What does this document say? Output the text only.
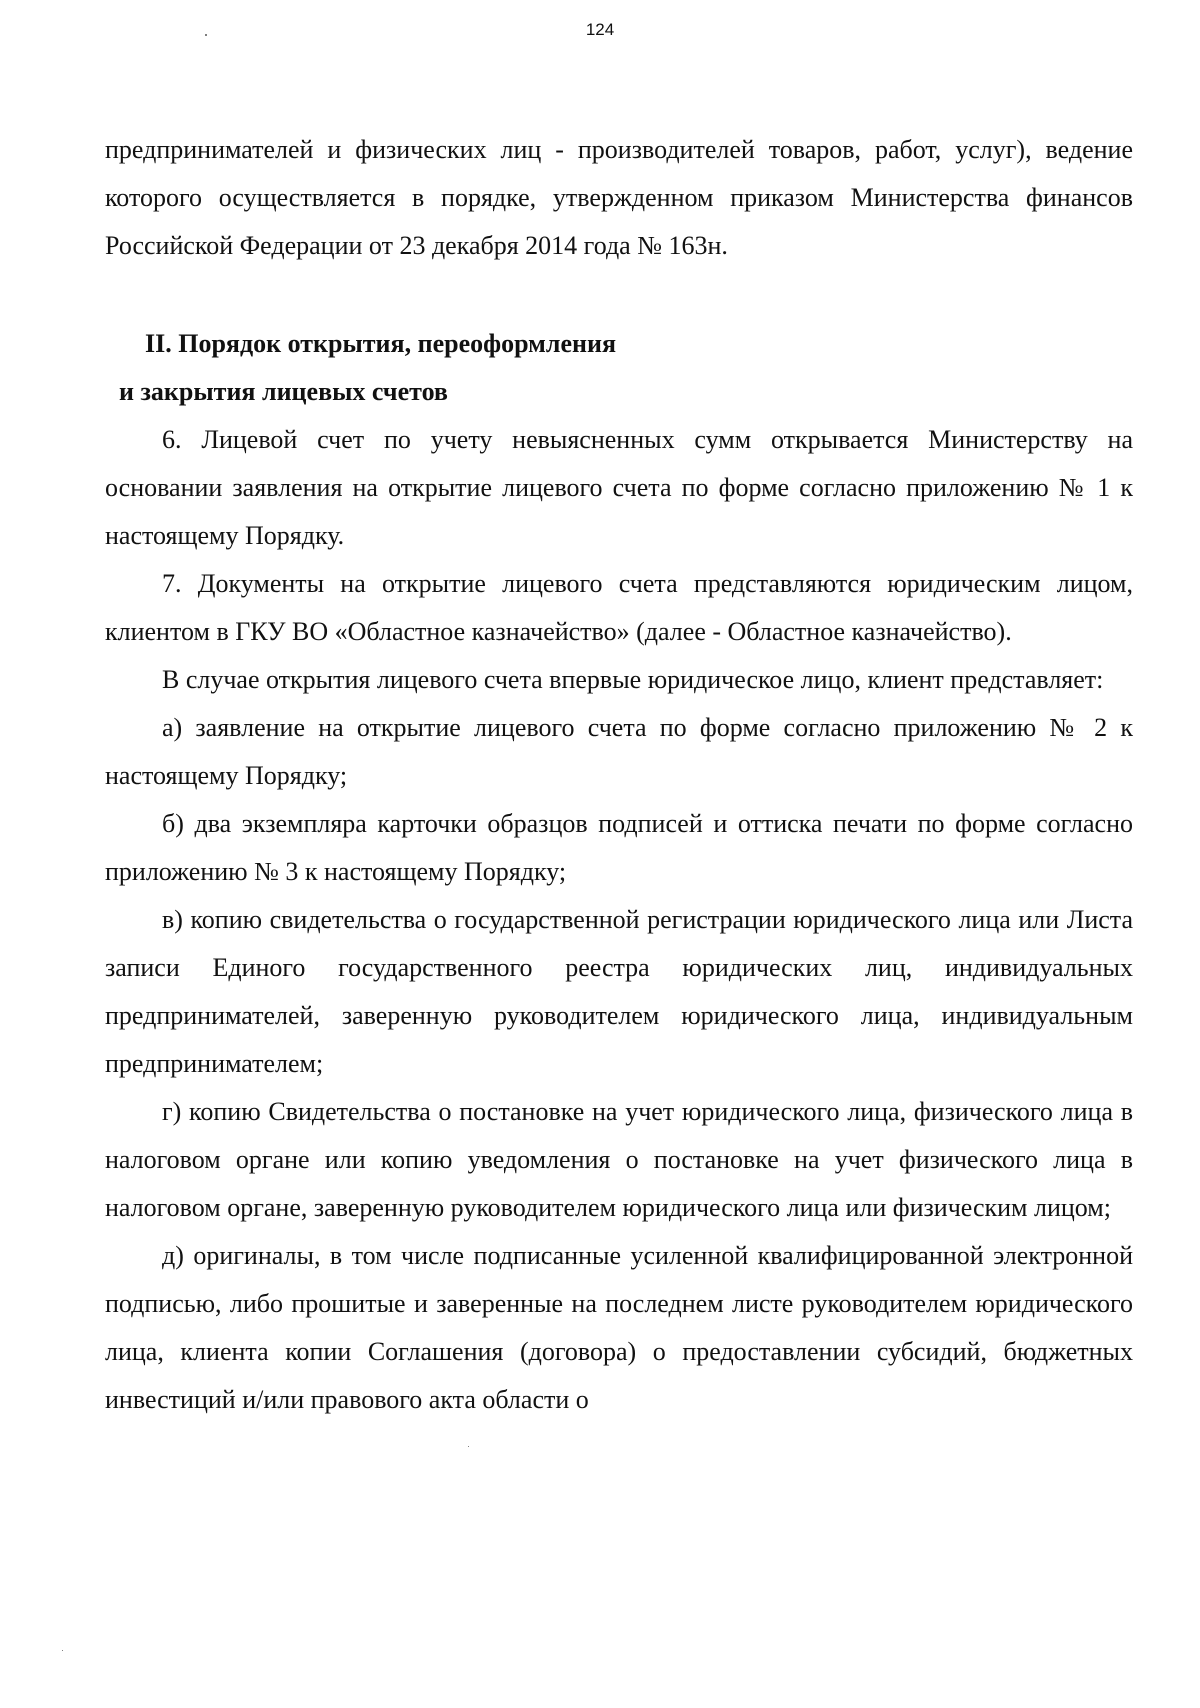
124

предпринимателей и физических лиц - производителей товаров, работ, услуг), ведение которого осуществляется в порядке, утвержденном приказом Министерства финансов Российской Федерации от 23 декабря 2014 года № 163н.

II. Порядок открытия, переоформления

и закрытия лицевых счетов

6. Лицевой счет по учету невыясненных сумм открывается Министерству на основании заявления на открытие лицевого счета по форме согласно приложению № 1 к настоящему Порядку.

7. Документы на открытие лицевого счета представляются юридическим лицом, клиентом в ГКУ ВО «Областное казначейство» (далее - Областное казначейство).

В случае открытия лицевого счета впервые юридическое лицо, клиент представляет:

а) заявление на открытие лицевого счета по форме согласно приложению № 2 к настоящему Порядку;

б) два экземпляра карточки образцов подписей и оттиска печати по форме согласно приложению № 3 к настоящему Порядку;

в) копию свидетельства о государственной регистрации юридического лица или Листа записи Единого государственного реестра юридических лиц, индивидуальных предпринимателей, заверенную руководителем юридического лица, индивидуальным предпринимателем;

г) копию Свидетельства о постановке на учет юридического лица, физического лица в налоговом органе или копию уведомления о постановке на учет физического лица в налоговом органе, заверенную руководителем юридического лица или физическим лицом;

д) оригиналы, в том числе подписанные усиленной квалифицированной электронной подписью, либо прошитые и заверенные на последнем листе руководителем юридического лица, клиента копии Соглашения (договора) о предоставлении субсидий, бюджетных инвестиций и/или правового акта области о
